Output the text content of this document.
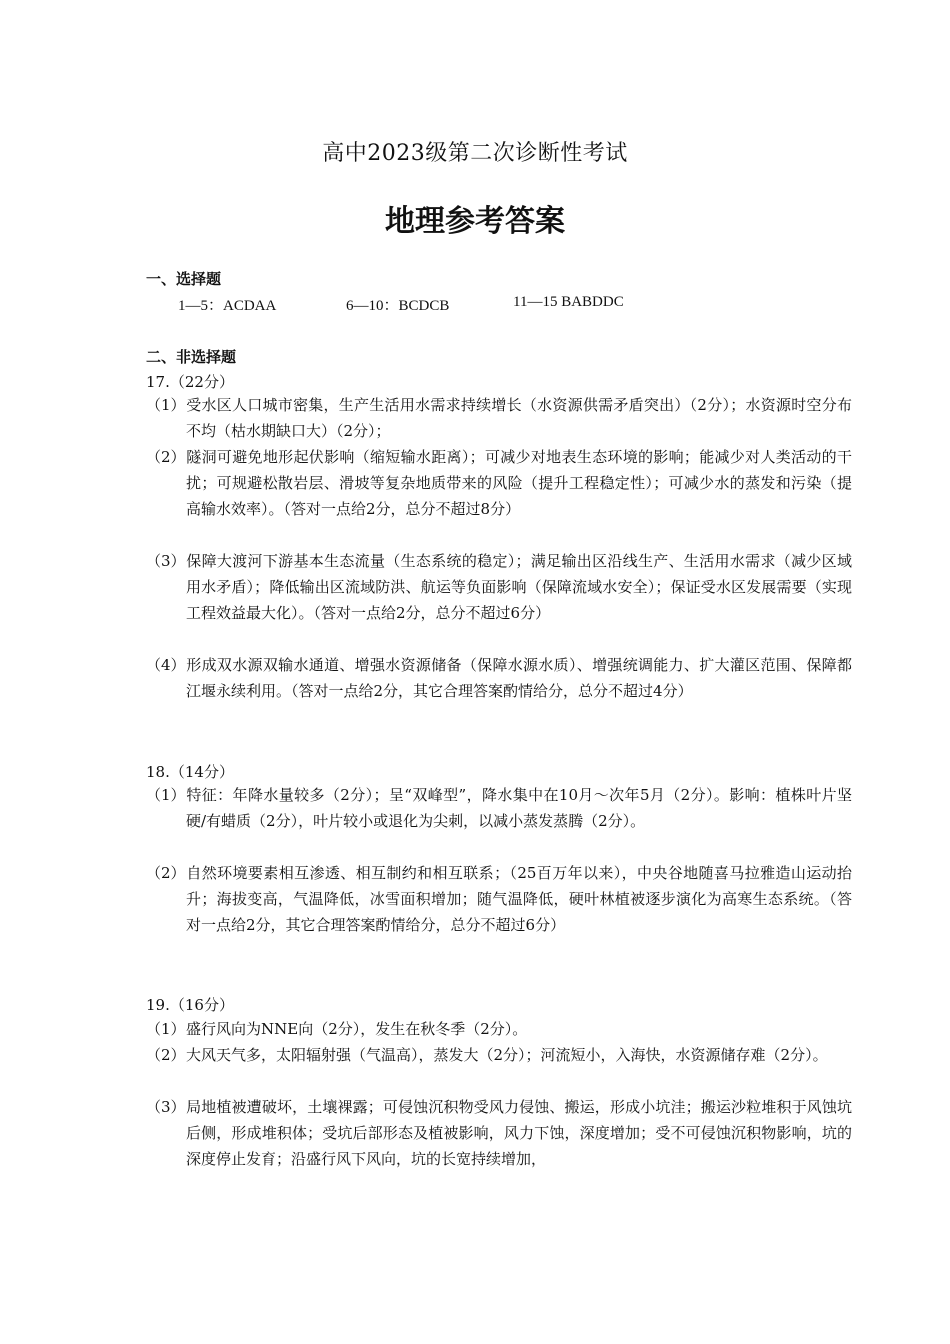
高中2023级第二次诊断性考试
地理参考答案
一、选择题
1—5：ACDAA	6—10：BCDCB	11—15 BABDDC
二、非选择题
17.（22分）
（1）受水区人口城市密集，生产生活用水需求持续增长（水资源供需矛盾突出）（2分）；水资源时空分布不均（枯水期缺口大）（2分）；
（2）隧洞可避免地形起伏影响（缩短输水距离）；可减少对地表生态环境的影响；能减少对人类活动的干扰；可规避松散岩层、滑坡等复杂地质带来的风险（提升工程稳定性）；可减少水的蒸发和污染（提高输水效率）。（答对一点给2分，总分不超过8分）
（3）保障大渡河下游基本生态流量（生态系统的稳定）；满足输出区沿线生产、生活用水需求（减少区域用水矛盾）；降低输出区流域防洪、航运等负面影响（保障流域水安全）；保证受水区发展需要（实现工程效益最大化）。（答对一点给2分，总分不超过6分）
（4）形成双水源双输水通道、增强水资源储备（保障水源水质）、增强统调能力、扩大灌区范围、保障都江堰永续利用。（答对一点给2分，其它合理答案酌情给分，总分不超过4分）
18.（14分）
（1）特征：年降水量较多（2分）；呈“双峰型”，降水集中在10月～次年5月（2分）。影响：植株叶片坚硬/有蜡质（2分），叶片较小或退化为尖刺，以减小蒸发蒸腾（2分）。
（2）自然环境要素相互渗透、相互制约和相互联系；（25百万年以来），中央谷地随喜马拉雅造山运动抬升；海拔变高，气温降低，冰雪面积增加；随气温降低，硬叶林植被逐步演化为高寒生态系统。（答对一点给2分，其它合理答案酌情给分，总分不超过6分）
19.（16分）
（1）盛行风向为NNE向（2分），发生在秋冬季（2分）。
（2）大风天气多，太阳辐射强（气温高），蒸发大（2分）；河流短小，入海快，水资源储存难（2分）。
（3）局地植被遭破坏，土壤裸露；可侵蚀沉积物受风力侵蚀、搬运，形成小坑洼；搬运沙粒堆积于风蚀坑后侧，形成堆积体；受坑后部形态及植被影响，风力下蚀，深度增加；受不可侵蚀沉积物影响，坑的深度停止发育；沿盛行风下风向，坑的长宽持续增加，
